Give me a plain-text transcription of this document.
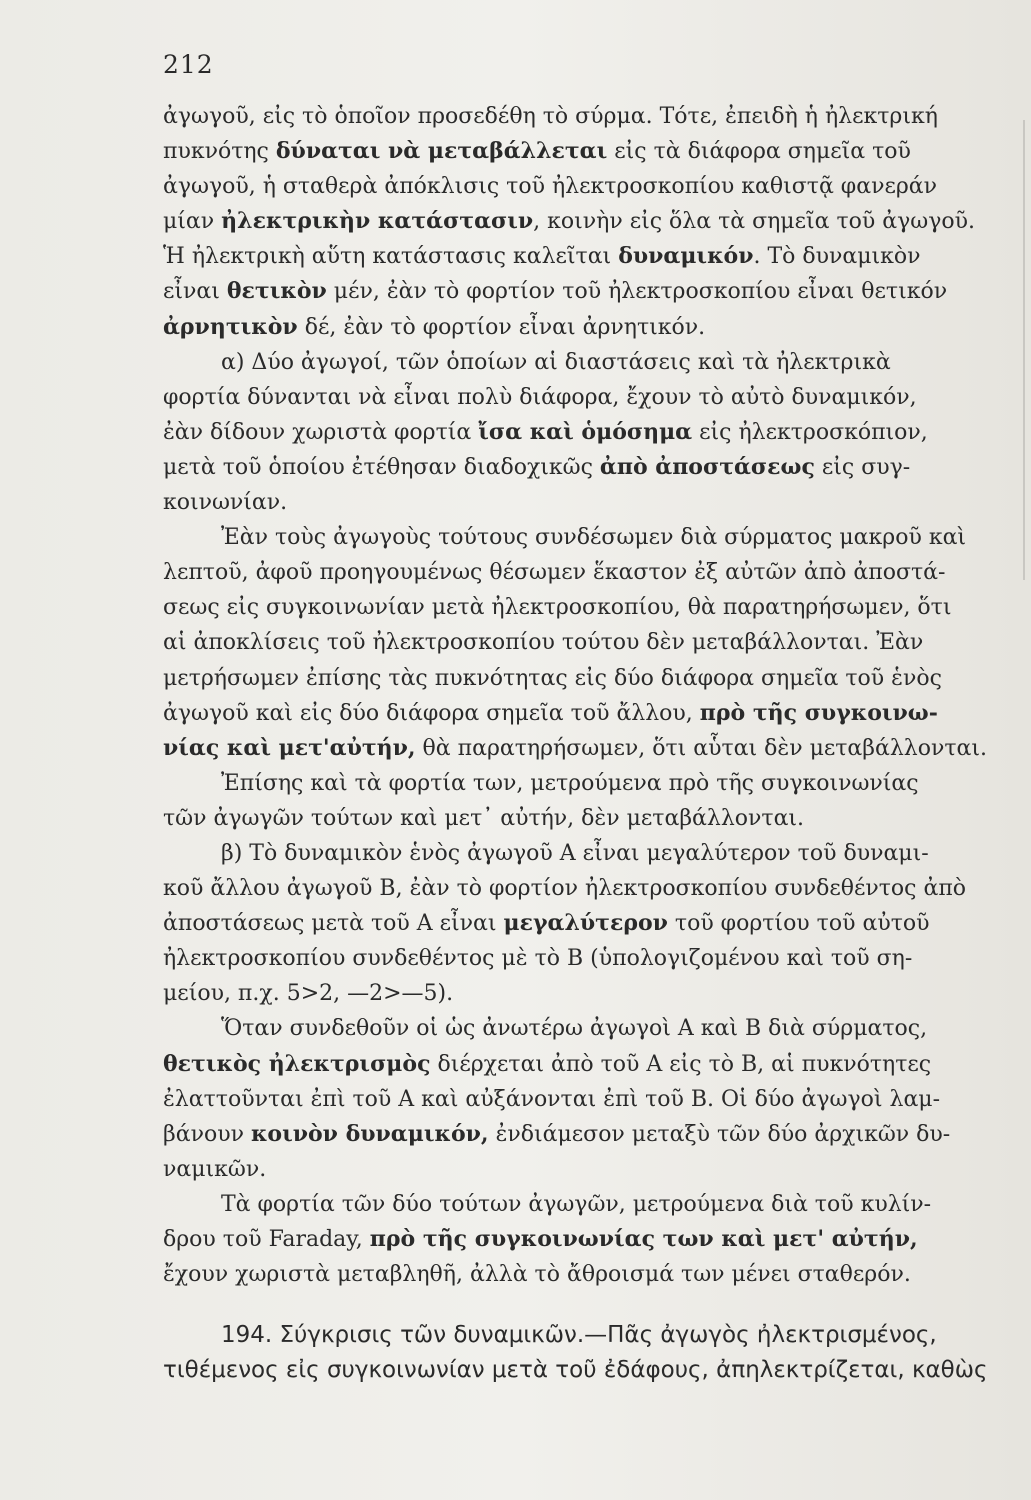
212
ἀγωγοῦ, εἰς τὸ ὁποῖον προσεδέθη τὸ σύρμα. Τότε, ἐπειδὴ ἡ ἠλεκτρική
πυκνότης δύναται νὰ μεταβάλλεται εἰς τὰ διάφορα σημεῖα τοῦ
ἀγωγοῦ, ἡ σταθερὰ ἀπόκλισις τοῦ ἠλεκτροσκοπίου καθιστᾷ φανεράν
μίαν ἠλεκτρικὴν κατάστασιν, κοινὴν εἰς ὅλα τὰ σημεῖα τοῦ ἀγωγοῦ.
Ἡ ἠλεκτρικὴ αὕτη κατάστασις καλεῖται δυναμικόν. Τὸ δυναμικὸν
εἶναι θετικὸν μέν, ἐὰν τὸ φορτίον τοῦ ἠλεκτροσκοπίου εἶναι θετικόν
ἀρνητικὸν δέ, ἐὰν τὸ φορτίον εἶναι ἀρνητικόν.
α) Δύο ἀγωγοί, τῶν ὁποίων αἱ διαστάσεις καὶ τὰ ἠλεκτρικὰ
φορτία δύνανται νὰ εἶναι πολὺ διάφορα, ἔχουν τὸ αὐτὸ δυναμικόν,
ἐὰν δίδουν χωριστὰ φορτία ἴσα καὶ ὁμόσημα εἰς ἠλεκτροσκόπιον,
μετὰ τοῦ ὁποίου ἐτέθησαν διαδοχικῶς ἀπὸ ἀποστάσεως εἰς συγ-
κοινωνίαν.
Ἐὰν τοὺς ἀγωγοὺς τούτους συνδέσωμεν διὰ σύρματος μακροῦ καὶ
λεπτοῦ, ἀφοῦ προηγουμένως θέσωμεν ἕκαστον ἐξ αὐτῶν ἀπὸ ἀποστά-
σεως εἰς συγκοινωνίαν μετὰ ἠλεκτροσκοπίου, θὰ παρατηρήσωμεν, ὅτι
αἱ ἀποκλίσεις τοῦ ἠλεκτροσκοπίου τούτου δὲν μεταβάλλονται. Ἐὰν
μετρήσωμεν ἐπίσης τὰς πυκνότητας εἰς δύο διάφορα σημεῖα τοῦ ἑνὸς
ἀγωγοῦ καὶ εἰς δύο διάφορα σημεῖα τοῦ ἄλλου, πρὸ τῆς συγκοινω-
νίας καὶ μετ'αὐτήν, θὰ παρατηρήσωμεν, ὅτι αὗται δὲν μεταβάλλονται.
Ἐπίσης καὶ τὰ φορτία των, μετρούμενα πρὸ τῆς συγκοινωνίας
τῶν ἀγωγῶν τούτων καὶ μετ᾽ αὐτήν, δὲν μεταβάλλονται.
β) Τὸ δυναμικὸν ἑνὸς ἀγωγοῦ Α εἶναι μεγαλύτερον τοῦ δυναμι-
κοῦ ἄλλου ἀγωγοῦ Β, ἐὰν τὸ φορτίον ἠλεκτροσκοπίου συνδεθέντος ἀπὸ
ἀποστάσεως μετὰ τοῦ Α εἶναι μεγαλύτερον τοῦ φορτίου τοῦ αὐτοῦ
ἠλεκτροσκοπίου συνδεθέντος μὲ τὸ Β (ὑπολογιζομένου καὶ τοῦ ση-
μείου, π.χ. 5>2, —2>—5).
Ὅταν συνδεθοῦν οἱ ὡς ἀνωτέρω ἀγωγοὶ Α καὶ Β διὰ σύρματος,
θετικὸς ἠλεκτρισμὸς διέρχεται ἀπὸ τοῦ Α εἰς τὸ Β, αἱ πυκνότητες
ἐλαττοῦνται ἐπὶ τοῦ Α καὶ αὐξάνονται ἐπὶ τοῦ Β. Οἱ δύο ἀγωγοὶ λαμ-
βάνουν κοινὸν δυναμικόν, ἐνδιάμεσον μεταξὺ τῶν δύο ἀρχικῶν δυ-
ναμικῶν.
Τὰ φορτία τῶν δύο τούτων ἀγωγῶν, μετρούμενα διὰ τοῦ κυλίν-
δρου τοῦ Faraday, πρὸ τῆς συγκοινωνίας των καὶ μετ' αὐτήν,
ἔχουν χωριστὰ μεταβληθῆ, ἀλλὰ τὸ ἄθροισμά των μένει σταθερόν.
194. Σύγκρισις τῶν δυναμικῶν.—Πᾶς ἀγωγὸς ἠλεκτρισμένος,
τιθέμενος εἰς συγκοινωνίαν μετὰ τοῦ ἐδάφους, ἀπηλεκτρίζεται, καθὼς
